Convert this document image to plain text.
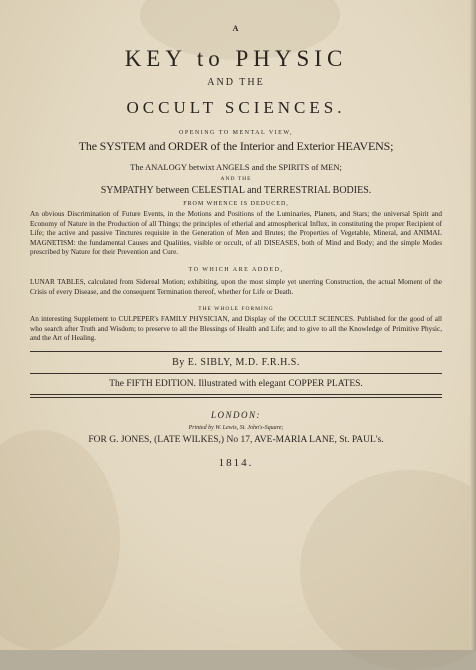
A

KEY to PHYSIC

AND THE

OCCULT SCIENCES.

OPENING TO MENTAL VIEW,

The SYSTEM and ORDER of the Interior and Exterior HEAVENS;

The ANALOGY betwixt ANGELS and the SPIRITS of MEN;

AND THE

SYMPATHY between CELESTIAL and TERRESTRIAL BODIES.

FROM WHENCE IS DEDUCED,

An obvious Discrimination of Future Events, in the Motions and Positions of the Luminaries, Planets, and Stars; the universal Spirit and Economy of Nature in the Production of all Things; the principles of etherial and atmospherical Influx, in constituting the proper Recipient of Life; the active and passive Tinctures requisite in the Generation of Men and Brutes; the Properties of Vegetable, Mineral, and ANIMAL MAGNETISM: the fundamental Causes and Qualities, visible or occult, of all DISEASES, both of Mind and Body; and the simple Modes prescribed by Nature for their Prevention and Cure.

TO WHICH ARE ADDED,

LUNAR TABLES, calculated from Sidereal Motion; exhibiting, upon the most simple yet unerring Construction, the actual Moment of the Crisis of every Disease, and the consequent Termination thereof, whether for Life or Death.

THE WHOLE FORMING

An interesting Supplement to CULPEPER's FAMILY PHYSICIAN, and Display of the OCCULT SCIENCES. Published for the good of all who search after Truth and Wisdom; to preserve to all the Blessings of Health and Life; and to give to all the Knowledge of Primitive Physic, and the Art of Healing.

By E. SIBLY, M.D. F.R.H.S.

The FIFTH EDITION. Illustrated with elegant COPPER PLATES.

LONDON:

Printed by W. Lewis, St. John's-Square;

FOR G. JONES, (LATE WILKES,) No 17, AVE-MARIA LANE, St. PAUL's.

1814.
